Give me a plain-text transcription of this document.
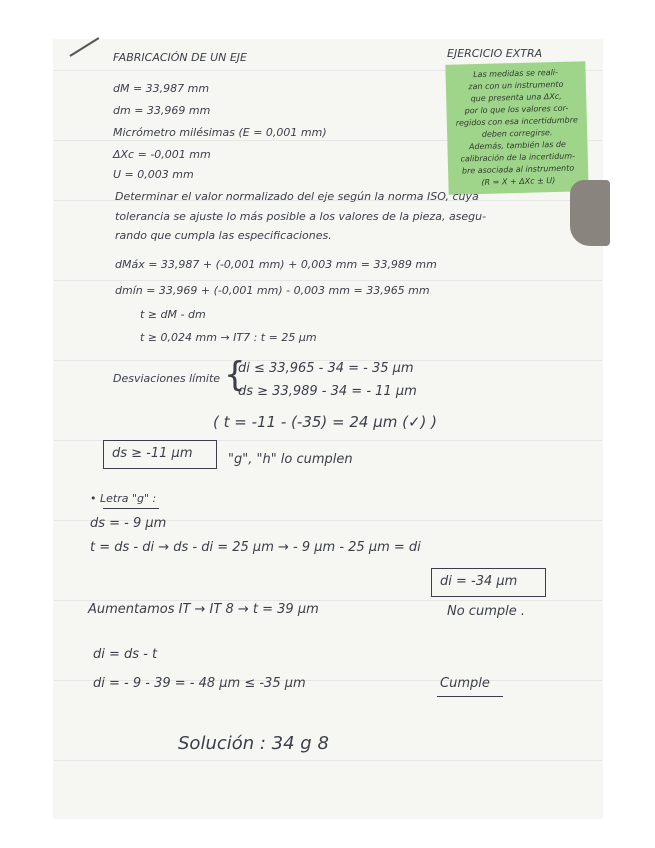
FABRICACIÓN DE UN EJE	EJERCICIO EXTRA
Las medidas se reali-
zan con un instrumento
que presenta una ΔXc,
por lo que los valores cor-
regidos con esa incertidumbre
deben corregirse.
Además, también las de
calibración de la incertidum-
bre asociada al instrumento
(R = X + ΔXc ± U)
dM = 33,987 mm
dm = 33,969 mm
Micrómetro milésimas (E = 0,001 mm)
ΔXc = -0,001 mm
U = 0,003 mm
Determinar el valor normalizado del eje según la norma ISO, cuya
tolerancia se ajuste lo más posible a los valores de la pieza, asegu-
rando que cumpla las especificaciones.
dMáx = 33,987 + (-0,001 mm) + 0,003 mm = 33,989 mm
dmín = 33,969 + (-0,001 mm) - 0,003 mm = 33,965 mm
t ≥ dM - dm
t ≥ 0,024 mm → IT7 : t = 25 μm
Desviaciones límite {
di ≤ 33,965 - 34 = - 35 μm
ds ≥ 33,989 - 34 = - 11 μm
( t = -11 - (-35) = 24 μm (✓) )
ds ≥ -11 μm	"g", "h" lo cumplen
• Letra "g" :
ds = - 9 μm
t = ds - di → ds - di = 25 μm → - 9 μm - 25 μm = di
di = -34 μm
Aumentamos IT → IT 8 → t = 39 μm	No cumple .
di = ds - t
di = - 9 - 39 = - 48 μm ≤ -35 μm	Cumple
Solución : 34 g 8
